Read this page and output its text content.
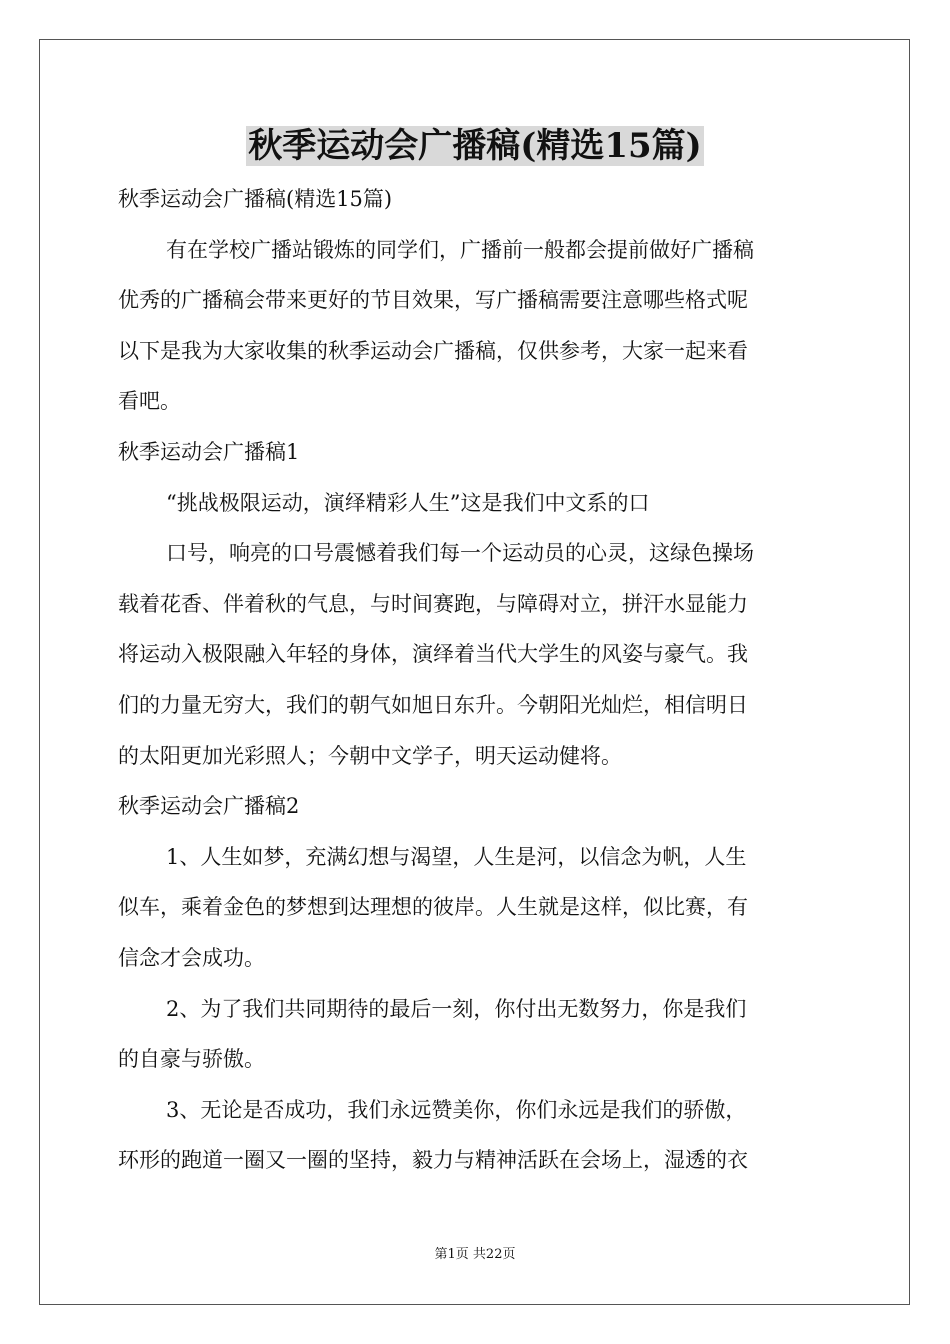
秋季运动会广播稿(精选15篇)
秋季运动会广播稿(精选15篇)
有在学校广播站锻炼的同学们，广播前一般都会提前做好广播稿
优秀的广播稿会带来更好的节目效果，写广播稿需要注意哪些格式呢
以下是我为大家收集的秋季运动会广播稿，仅供参考，大家一起来看
看吧。
秋季运动会广播稿1
“挑战极限运动，演绎精彩人生”这是我们中文系的口
口号，响亮的口号震憾着我们每一个运动员的心灵，这绿色操场
载着花香、伴着秋的气息，与时间赛跑，与障碍对立，拼汗水显能力
将运动入极限融入年轻的身体，演绎着当代大学生的风姿与豪气。我
们的力量无穷大，我们的朝气如旭日东升。今朝阳光灿烂，相信明日
的太阳更加光彩照人；今朝中文学子，明天运动健将。
秋季运动会广播稿2
1、人生如梦，充满幻想与渴望，人生是河，以信念为帆，人生
似车，乘着金色的梦想到达理想的彼岸。人生就是这样，似比赛，有
信念才会成功。
2、为了我们共同期待的最后一刻，你付出无数努力，你是我们
的自豪与骄傲。
3、无论是否成功，我们永远赞美你，你们永远是我们的骄傲，
环形的跑道一圈又一圈的坚持，毅力与精神活跃在会场上，湿透的衣
第1页 共22页
